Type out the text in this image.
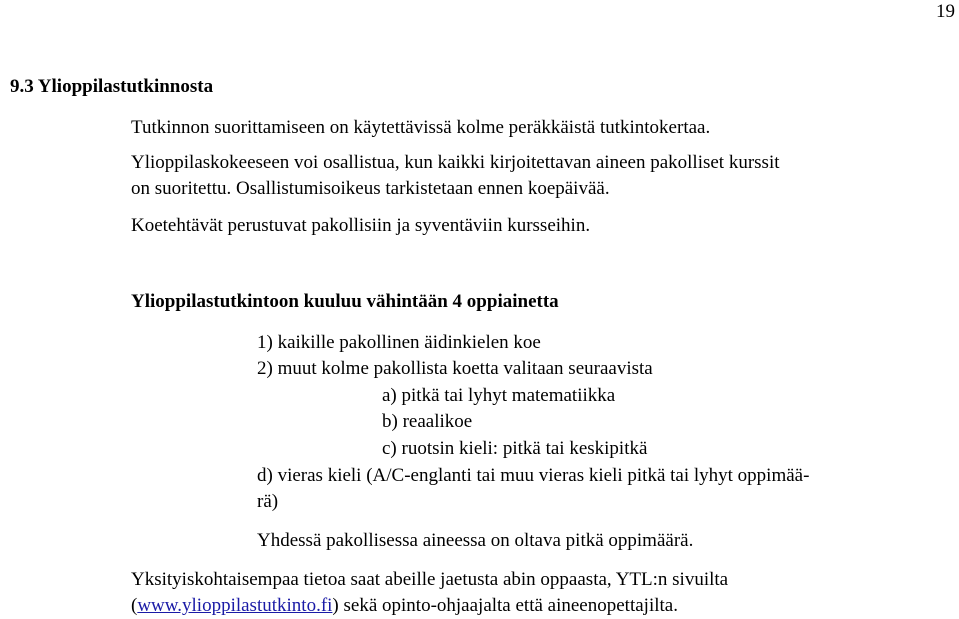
19
9.3 Ylioppilastutkinnosta
Tutkinnon suorittamiseen on käytettävissä kolme peräkkäistä tutkintokertaa.
Ylioppilaskokeeseen voi osallistua, kun kaikki kirjoitettavan aineen pakolliset kurssit
on suoritettu. Osallistumisoikeus tarkistetaan ennen koepäivää.
Koetehtävät perustuvat pakollisiin ja syventäviin kursseihin.
Ylioppilastutkintoon kuuluu vähintään 4 oppiainetta
1) kaikille pakollinen äidinkielen koe
2) muut kolme pakollista koetta valitaan seuraavista
a) pitkä tai lyhyt matematiikka
b) reaalikoe
c) ruotsin kieli: pitkä tai keskipitkä
d) vieras kieli (A/C-englanti tai muu vieras kieli pitkä tai lyhyt oppimää-
rä)
Yhdessä pakollisessa aineessa on oltava pitkä oppimäärä.
Yksityiskohtaisempaa tietoa saat abeille jaetusta abin oppaasta, YTL:n sivuilta
(www.ylioppilastutkinto.fi) sekä opinto-ohjaajalta että aineenopettajilta.
